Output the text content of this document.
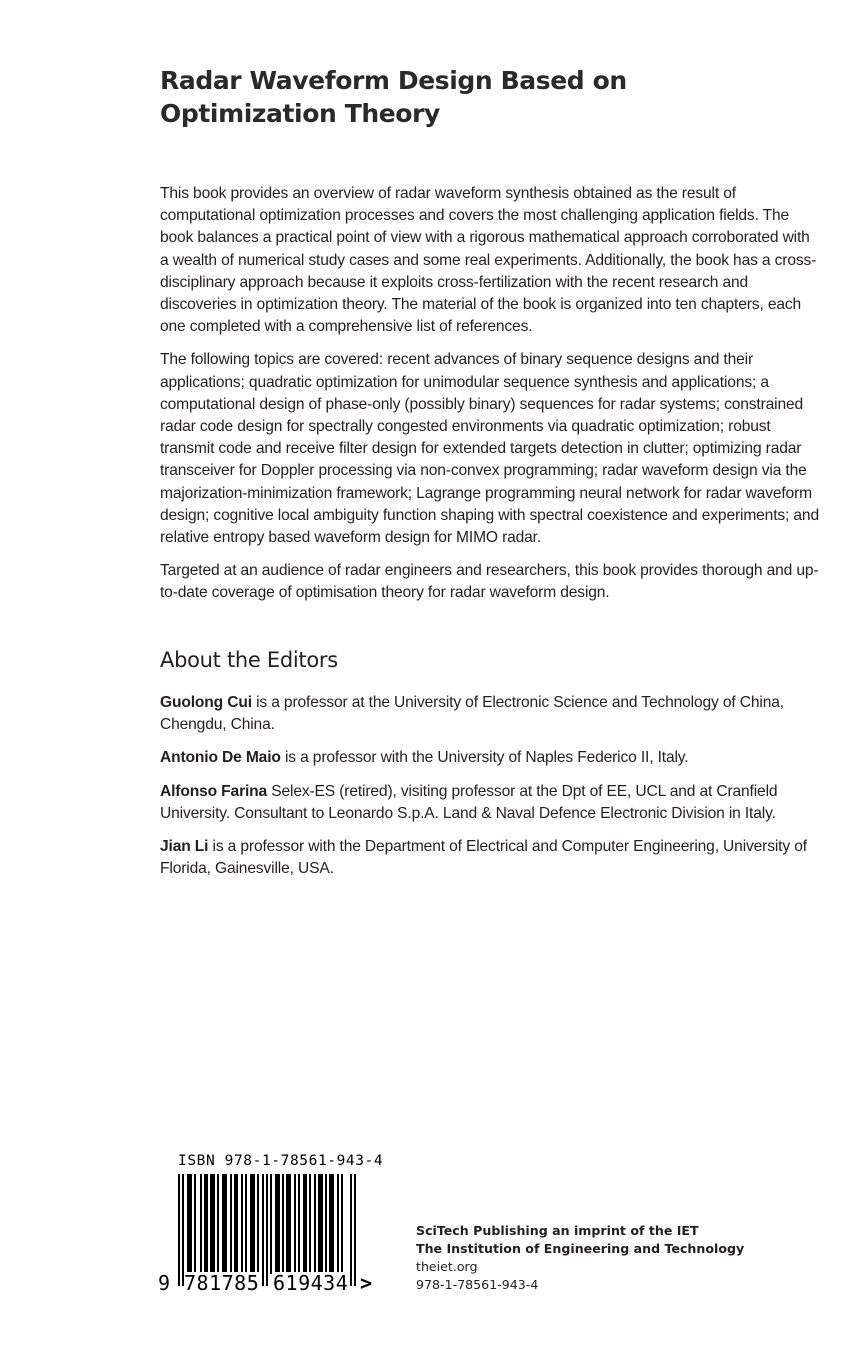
Radar Waveform Design Based on
Optimization Theory

This book provides an overview of radar waveform synthesis obtained as the result of computational optimization processes and covers the most challenging application fields. The book balances a practical point of view with a rigorous mathematical approach corroborated with a wealth of numerical study cases and some real experiments. Additionally, the book has a cross-disciplinary approach because it exploits cross-fertilization with the recent research and discoveries in optimization theory. The material of the book is organized into ten chapters, each one completed with a comprehensive list of references.

The following topics are covered: recent advances of binary sequence designs and their applications; quadratic optimization for unimodular sequence synthesis and applications; a computational design of phase-only (possibly binary) sequences for radar systems; constrained radar code design for spectrally congested environments via quadratic optimization; robust transmit code and receive filter design for extended targets detection in clutter; optimizing radar transceiver for Doppler processing via non-convex programming; radar waveform design via the majorization-minimization framework; Lagrange programming neural network for radar waveform design; cognitive local ambiguity function shaping with spectral coexistence and experiments; and relative entropy based waveform design for MIMO radar.

Targeted at an audience of radar engineers and researchers, this book provides thorough and up-to-date coverage of optimisation theory for radar waveform design.

About the Editors

Guolong Cui is a professor at the University of Electronic Science and Technology of China, Chengdu, China.

Antonio De Maio is a professor with the University of Naples Federico II, Italy.

Alfonso Farina Selex-ES (retired), visiting professor at the Dpt of EE, UCL and at Cranfield University. Consultant to Leonardo S.p.A. Land & Naval Defence Electronic Division in Italy.

Jian Li is a professor with the Department of Electrical and Computer Engineering, University of Florida, Gainesville, USA.

ISBN 978-1-78561-943-4
9 781785 619434 >
SciTech Publishing an imprint of the IET
The Institution of Engineering and Technology
theiet.org
978-1-78561-943-4
